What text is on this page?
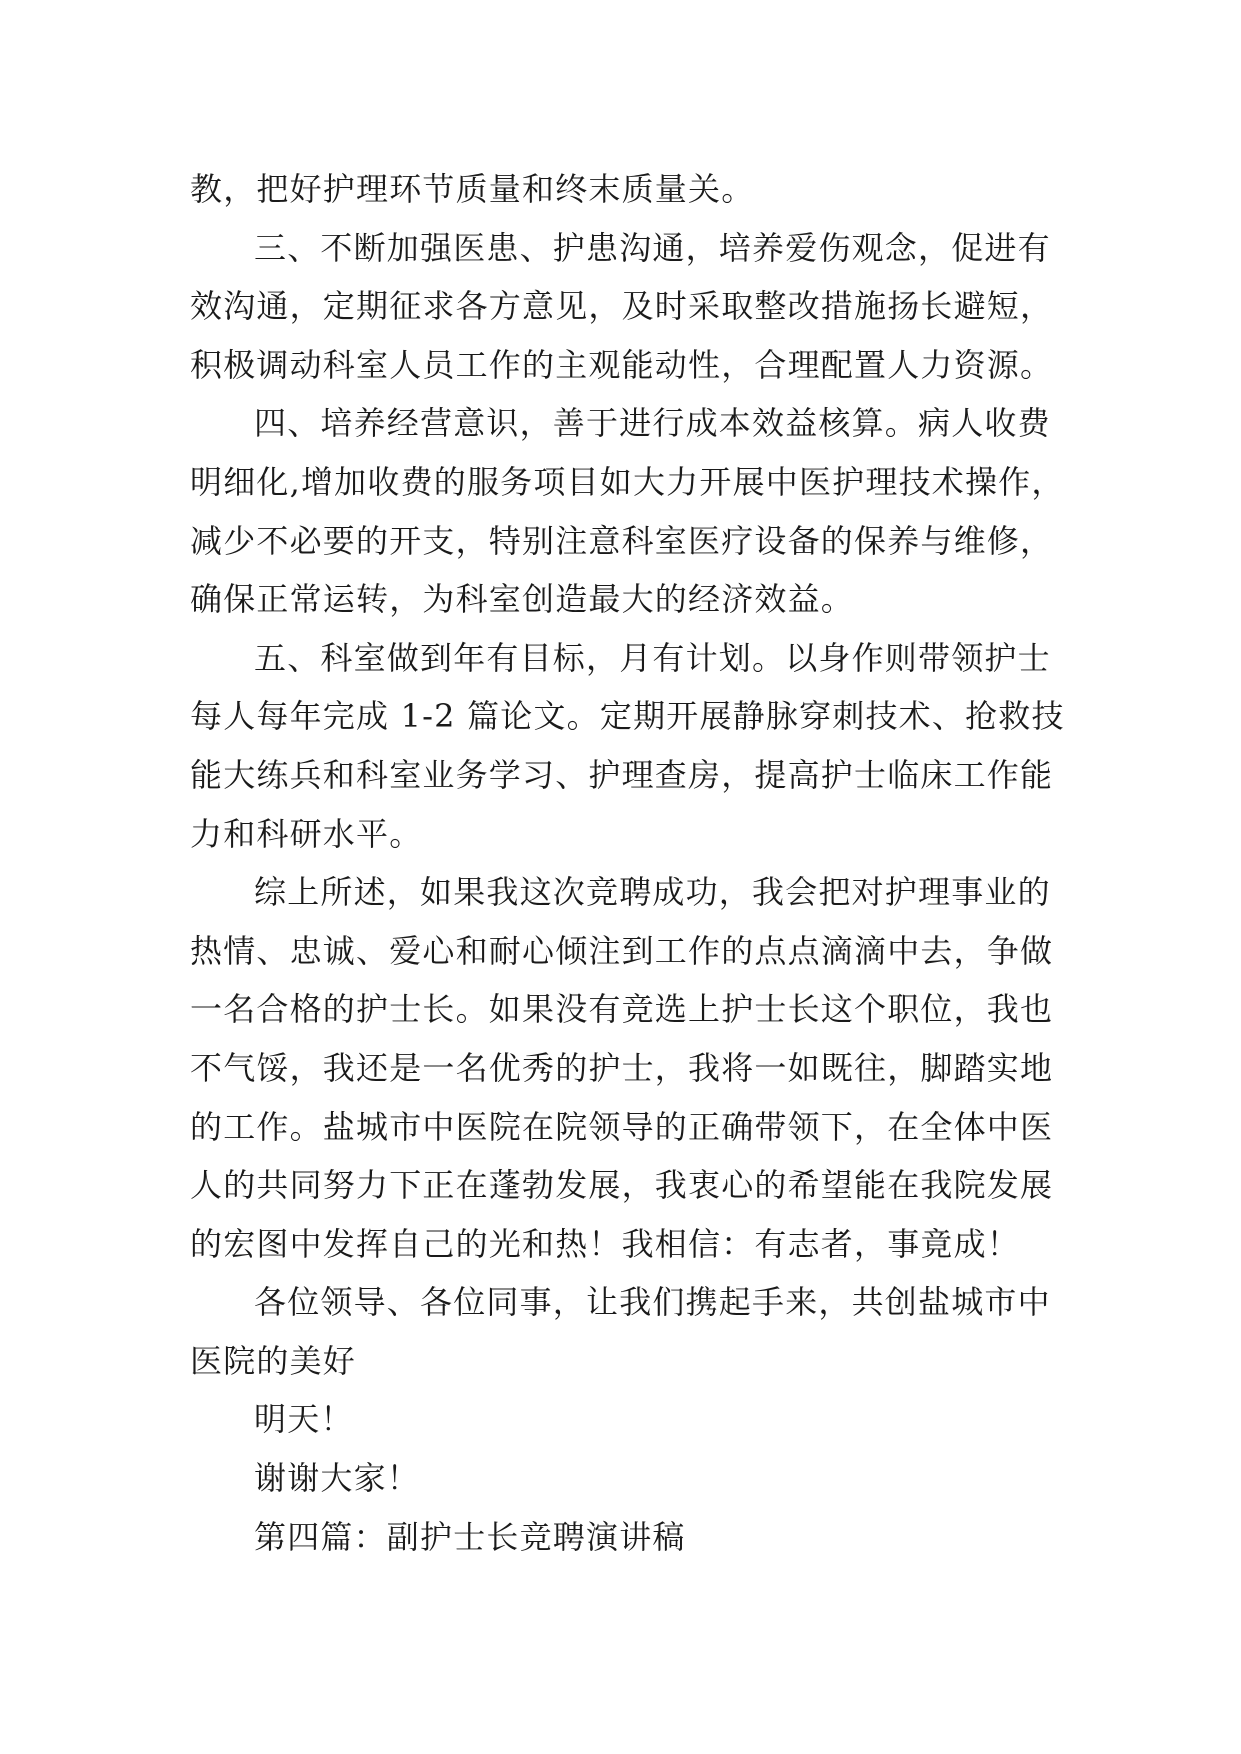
教，把好护理环节质量和终末质量关。
三、不断加强医患、护患沟通，培养爱伤观念，促进有
效沟通，定期征求各方意见，及时采取整改措施扬长避短，
积极调动科室人员工作的主观能动性，合理配置人力资源。
四、培养经营意识，善于进行成本效益核算。病人收费
明细化,增加收费的服务项目如大力开展中医护理技术操作，
减少不必要的开支，特别注意科室医疗设备的保养与维修，
确保正常运转，为科室创造最大的经济效益。
五、科室做到年有目标，月有计划。以身作则带领护士
每人每年完成 1-2 篇论文。定期开展静脉穿刺技术、抢救技
能大练兵和科室业务学习、护理查房，提高护士临床工作能
力和科研水平。
综上所述，如果我这次竞聘成功，我会把对护理事业的
热情、忠诚、爱心和耐心倾注到工作的点点滴滴中去，争做
一名合格的护士长。如果没有竞选上护士长这个职位，我也
不气馁，我还是一名优秀的护士，我将一如既往，脚踏实地
的工作。盐城市中医院在院领导的正确带领下，在全体中医
人的共同努力下正在蓬勃发展，我衷心的希望能在我院发展
的宏图中发挥自己的光和热！我相信：有志者，事竟成！
各位领导、各位同事，让我们携起手来，共创盐城市中
医院的美好
明天！
谢谢大家！
第四篇：副护士长竞聘演讲稿
